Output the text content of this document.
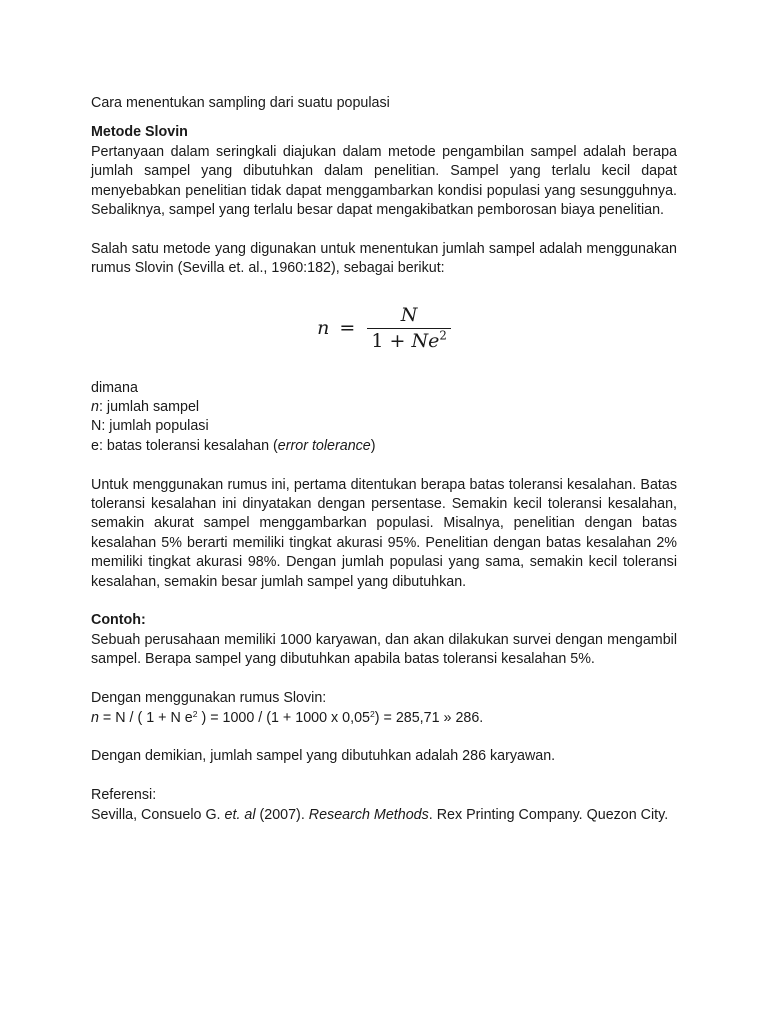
Cara menentukan sampling dari suatu populasi

Metode Slovin

Pertanyaan dalam seringkali diajukan dalam metode pengambilan sampel adalah berapa jumlah sampel yang dibutuhkan dalam penelitian. Sampel yang terlalu kecil dapat menyebabkan penelitian tidak dapat menggambarkan kondisi populasi yang sesungguhnya. Sebaliknya, sampel yang terlalu besar dapat mengakibatkan pemborosan biaya penelitian.

Salah satu metode yang digunakan untuk menentukan jumlah sampel adalah menggunakan rumus Slovin (Sevilla et. al., 1960:182), sebagai berikut:

$n = \frac{N}{1 + Ne^2}$

dimana

n: jumlah sampel

N: jumlah populasi

e: batas toleransi kesalahan (error tolerance)

Untuk menggunakan rumus ini, pertama ditentukan berapa batas toleransi kesalahan. Batas toleransi kesalahan ini dinyatakan dengan persentase. Semakin kecil toleransi kesalahan, semakin akurat sampel menggambarkan populasi. Misalnya, penelitian dengan batas kesalahan 5% berarti memiliki tingkat akurasi 95%. Penelitian dengan batas kesalahan 2% memiliki tingkat akurasi 98%. Dengan jumlah populasi yang sama, semakin kecil toleransi kesalahan, semakin besar jumlah sampel yang dibutuhkan.

Contoh:

Sebuah perusahaan memiliki 1000 karyawan, dan akan dilakukan survei dengan mengambil sampel. Berapa sampel yang dibutuhkan apabila batas toleransi kesalahan 5%.

Dengan menggunakan rumus Slovin:

n = N / ( 1 + N $e^2$ ) = 1000 / (1 + 1000 x $0,05^2) = 285,71$ » 286.

Dengan demikian, jumlah sampel yang dibutuhkan adalah 286 karyawan.

Referensi:

Sevilla, Consuelo G. et. al (2007). Research Methods. Rex Printing Company. Quezon City.
